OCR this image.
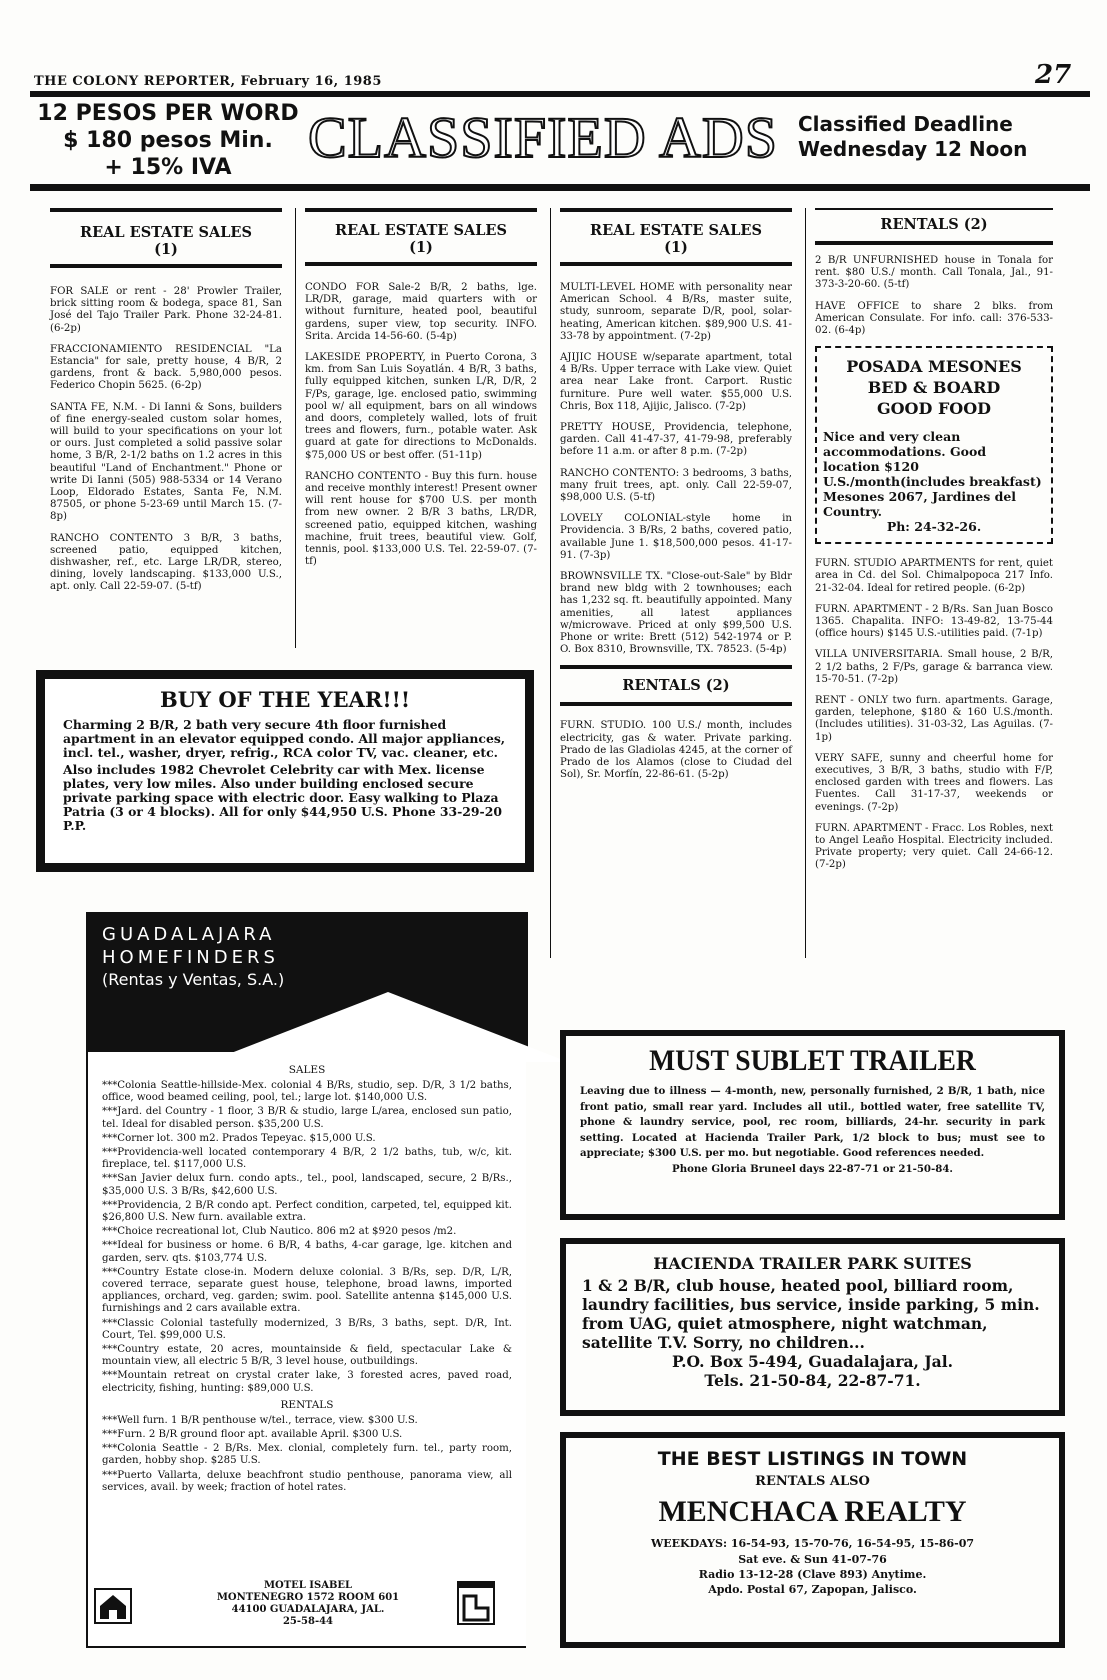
THE COLONY REPORTER, February 16, 1985	27
12 PESOS PER WORD
$ 180 pesos Min.
+ 15% IVA	CLASSIFIED ADS Classified Deadline
Wednesday 12 Noon
REAL ESTATE SALES
(1)
FOR SALE or rent - 28' Prowler Trailer, brick sitting room & bodega, space 81, San José del Tajo Trailer Park. Phone 32-24-81. (6-2p)
FRACCIONAMIENTO RESIDENCIAL "La Estancia" for sale, pretty house, 4 B/R, 2 gardens, front & back. 5,980,000 pesos. Federico Chopin 5625. (6-2p)
SANTA FE, N.M. - Di Ianni & Sons, builders of fine energy-sealed custom solar homes, will build to your specifications on your lot or ours. Just completed a solid passive solar home, 3 B/R, 2-1/2 baths on 1.2 acres in this beautiful "Land of Enchantment." Phone or write Di Ianni (505) 988-5334 or 14 Verano Loop, Eldorado Estates, Santa Fe, N.M. 87505, or phone 5-23-69 until March 15. (7-8p)
RANCHO CONTENTO 3 B/R, 3 baths, screened patio, equipped kitchen, dishwasher, ref., etc. Large LR/DR, stereo, dining, lovely landscaping. $133,000 U.S., apt. only. Call 22-59-07. (5-tf)
REAL ESTATE SALES
(1)
CONDO FOR Sale-2 B/R, 2 baths, lge. LR/DR, garage, maid quarters with or without furniture, heated pool, beautiful gardens, super view, top security. INFO. Srita. Arcida 14-56-60. (5-4p)
LAKESIDE PROPERTY, in Puerto Corona, 3 km. from San Luis Soyatlán. 4 B/R, 3 baths, fully equipped kitchen, sunken L/R, D/R, 2 F/Ps, garage, lge. enclosed patio, swimming pool w/ all equipment, bars on all windows and doors, completely walled, lots of fruit trees and flowers, furn., potable water. Ask guard at gate for directions to McDonalds. $75,000 US or best offer. (51-11p)
RANCHO CONTENTO - Buy this furn. house and receive monthly interest! Present owner will rent house for $700 U.S. per month from new owner. 2 B/R 3 baths, LR/DR, screened patio, equipped kitchen, washing machine, fruit trees, beautiful view. Golf, tennis, pool. $133,000 U.S. Tel. 22-59-07. (7-tf)
REAL ESTATE SALES
(1)
MULTI-LEVEL HOME with personality near American School. 4 B/Rs, master suite, study, sunroom, separate D/R, pool, solar-heating, American kitchen. $89,900 U.S. 41-33-78 by appointment. (7-2p)
AJIJIC HOUSE w/separate apartment, total 4 B/Rs. Upper terrace with Lake view. Quiet area near Lake front. Carport. Rustic furniture. Pure well water. $55,000 U.S. Chris, Box 118, Ajijic, Jalisco. (7-2p)
PRETTY HOUSE, Providencia, telephone, garden. Call 41-47-37, 41-79-98, preferably before 11 a.m. or after 8 p.m. (7-2p)
RANCHO CONTENTO: 3 bedrooms, 3 baths, many fruit trees, apt. only. Call 22-59-07, $98,000 U.S. (5-tf)
LOVELY COLONIAL-style home in Providencia. 3 B/Rs, 2 baths, covered patio, available June 1. $18,500,000 pesos. 41-17-91. (7-3p)
BROWNSVILLE TX. "Close-out-Sale" by Bldr brand new bldg with 2 townhouses; each has 1,232 sq. ft. beautifully appointed. Many amenities, all latest appliances w/microwave. Priced at only $99,500 U.S. Phone or write: Brett (512) 542-1974 or P. O. Box 8310, Brownsville, TX. 78523. (5-4p)
RENTALS (2)
FURN. STUDIO. 100 U.S./ month, includes electricity, gas & water. Private parking. Prado de las Gladiolas 4245, at the corner of Prado de los Alamos (close to Ciudad del Sol), Sr. Morfín, 22-86-61. (5-2p)
RENTALS (2)
2 B/R UNFURNISHED house in Tonala for rent. $80 U.S./ month. Call Tonala, Jal., 91-373-3-20-60. (5-tf)
HAVE OFFICE to share 2 blks. from American Consulate. For info. call: 376-533-02. (6-4p)
POSADA MESONES
BED & BOARD
GOOD FOOD
Nice and very clean accommodations. Good location $120 U.S./month(includes breakfast) Mesones 2067, Jardines del Country.
Ph: 24-32-26.
FURN. STUDIO APARTMENTS for rent, quiet area in Cd. del Sol. Chimalpopoca 217 Info. 21-32-04. Ideal for retired people. (6-2p)
FURN. APARTMENT - 2 B/Rs. San Juan Bosco 1365. Chapalita. INFO: 13-49-82, 13-75-44 (office hours) $145 U.S.-utilities paid. (7-1p)
VILLA UNIVERSITARIA. Small house, 2 B/R, 2 1/2 baths, 2 F/Ps, garage & barranca view. 15-70-51. (7-2p)
RENT - ONLY two furn. apartments. Garage, garden, telephone, $180 & 160 U.S./month. (Includes utilities). 31-03-32, Las Aguilas. (7-1p)
VERY SAFE, sunny and cheerful home for executives, 3 B/R, 3 baths, studio with F/P, enclosed garden with trees and flowers. Las Fuentes. Call 31-17-37, weekends or evenings. (7-2p)
FURN. APARTMENT - Fracc. Los Robles, next to Angel Leaño Hospital. Electricity included. Private property; very quiet. Call 24-66-12. (7-2p)
BUY OF THE YEAR!!!
Charming 2 B/R, 2 bath very secure 4th floor furnished apartment in an elevator equipped condo. All major appliances, incl. tel., washer, dryer, refrig., RCA color TV, vac. cleaner, etc.
Also includes 1982 Chevrolet Celebrity car with Mex. license plates, very low miles. Also under building enclosed secure private parking space with electric door. Easy walking to Plaza Patria (3 or 4 blocks). All for only $44,950 U.S. Phone 33-29-20 P.P.
GUADALAJARA
HOMEFINDERS
(Rentas y Ventas, S.A.)
SALES
***Colonia Seattle-hillside-Mex. colonial 4 B/Rs, studio, sep. D/R, 3 1/2 baths, office, wood beamed ceiling, pool, tel.; large lot. $140,000 U.S.
***Jard. del Country - 1 floor, 3 B/R & studio, large L/area, enclosed sun patio, tel. Ideal for disabled person. $35,200 U.S.
***Corner lot. 300 m2. Prados Tepeyac. $15,000 U.S.
***Providencia-well located contemporary 4 B/R, 2 1/2 baths, tub, w/c, kit. fireplace, tel. $117,000 U.S.
***San Javier delux furn. condo apts., tel., pool, landscaped, secure, 2 B/Rs., $35,000 U.S. 3 B/Rs, $42,600 U.S.
***Providencia, 2 B/R condo apt. Perfect condition, carpeted, tel, equipped kit. $26,800 U.S. New furn. available extra.
***Choice recreational lot, Club Nautico. 806 m2 at $920 pesos /m2.
***Ideal for business or home. 6 B/R, 4 baths, 4-car garage, lge. kitchen and garden, serv. qts. $103,774 U.S.
***Country Estate close-in. Modern deluxe colonial. 3 B/Rs, sep. D/R, L/R, covered terrace, separate guest house, telephone, broad lawns, imported appliances, orchard, veg. garden; swim. pool. Satellite antenna $145,000 U.S. furnishings and 2 cars available extra.
***Classic Colonial tastefully modernized, 3 B/Rs, 3 baths, sept. D/R, Int. Court, Tel. $99,000 U.S.
***Country estate, 20 acres, mountainside & field, spectacular Lake & mountain view, all electric 5 B/R, 3 level house, outbuildings.
***Mountain retreat on crystal crater lake, 3 forested acres, paved road, electricity, fishing, hunting: $89,000 U.S.
RENTALS
***Well furn. 1 B/R penthouse w/tel., terrace, view. $300 U.S.
***Furn. 2 B/R ground floor apt. available April. $300 U.S.
***Colonia Seattle - 2 B/Rs. Mex. clonial, completely furn. tel., party room, garden, hobby shop. $285 U.S.
***Puerto Vallarta, deluxe beachfront studio penthouse, panorama view, all services, avail. by week; fraction of hotel rates.
MOTEL ISABEL
MONTENEGRO 1572 ROOM 601
44100 GUADALAJARA, JAL.
25-58-44
MUST SUBLET TRAILER
Leaving due to illness — 4-month, new, personally furnished, 2 B/R, 1 bath, nice front patio, small rear yard. Includes all util., bottled water, free satellite TV, phone & laundry service, pool, rec room, billiards, 24-hr. security in park setting. Located at Hacienda Trailer Park, 1/2 block to bus; must see to appreciate; $300 U.S. per mo. but negotiable. Good references needed.
Phone Gloria Bruneel days 22-87-71 or 21-50-84.
HACIENDA TRAILER PARK SUITES
1 & 2 B/R, club house, heated pool, billiard room, laundry facilities, bus service, inside parking, 5 min. from UAG, quiet atmosphere, night watchman, satellite T.V. Sorry, no children...
P.O. Box 5-494, Guadalajara, Jal.
Tels. 21-50-84, 22-87-71.
THE BEST LISTINGS IN TOWN
RENTALS ALSO
MENCHACA REALTY
WEEKDAYS: 16-54-93, 15-70-76, 16-54-95, 15-86-07
Sat eve. & Sun 41-07-76
Radio 13-12-28 (Clave 893) Anytime.
Apdo. Postal 67, Zapopan, Jalisco.
